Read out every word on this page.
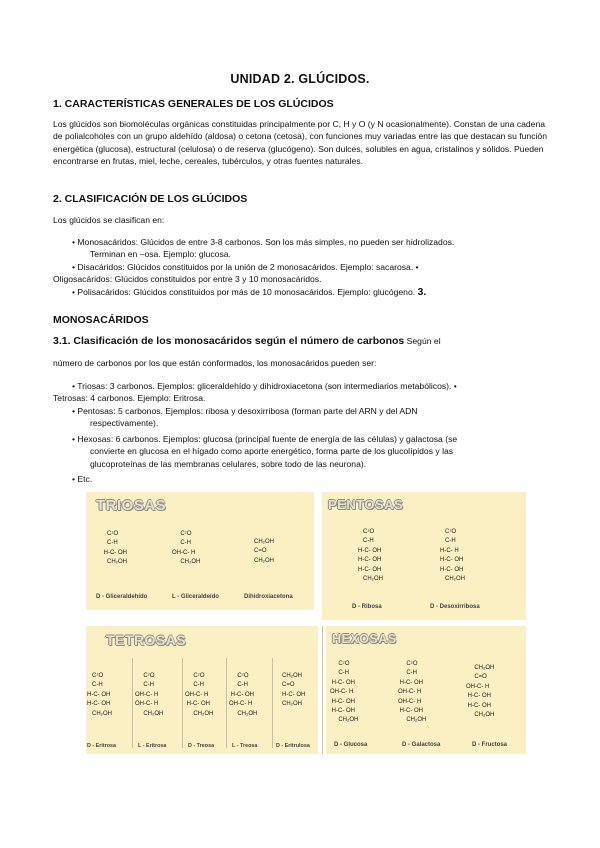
UNIDAD 2. GLÚCIDOS.
1. CARACTERÍSTICAS GENERALES DE LOS GLÚCIDOS
Los glúcidos son biomoléculas orgánicas constituidas principalmente por C, H y O (y N ocasionalmente). Constan de una cadena de polialcoholes con un grupo aldehído (aldosa) o cetona (cetosa), con funciones muy variadas entre las que destacan su función energética (glucosa), estructural (celulosa) o de reserva (glucógeno). Son dulces, solubles en agua, cristalinos y sólidos. Pueden encontrarse en frutas, miel, leche, cereales, tubérculos, y otras fuentes naturales.
2. CLASIFICACIÓN DE LOS GLÚCIDOS
Los glúcidos se clasifican en:
• Monosacáridos: Glúcidos de entre 3-8 carbonos. Son los más simples, no pueden ser hidrolizados.
Terminan en –osa. Ejemplo: glucosa.
• Disacáridos: Glúcidos constituidos por la unión de 2 monosacáridos. Ejemplo: sacarosa. •
Oligosacáridos: Glúcidos constituidos por entre 3 y 10 monosacáridos.
• Polisacáridos: Glúcidos constituidos por más de 10 monosacáridos. Ejemplo: glucógeno. 3.
MONOSACÁRIDOS
3.1. Clasificación de los monosacáridos según el número de carbonos Según el
número de carbonos por los que están conformados, los monosacáridos pueden ser:
• Triosas: 3 carbonos. Ejemplos: gliceraldehído y dihidroxiacetona (son intermediarios metabólicos). •
Tetrosas: 4 carbonos. Ejemplo: Eritrosa.
• Pentosas: 5 carbonos. Ejemplos: ribosa y desoxirribosa (forman parte del ARN y del ADN
respectivamente).
• Hexosas: 6 carbonos. Ejemplos: glucosa (principal fuente de energía de las células) y galactosa (se
convierte en glucosa en el hígado como aporte energético, forma parte de los glucolípidos y las
glucoproteínas de las membranas celulares, sobre todo de las neurona).
• Etc.
TRIOSAS
C⁲O
C-H
H-C- OH
CH₂OH
C⁲O
C-H
OH-C- H
CH₂OH
CH₂OH
C=O
CH₂OH
D - Gliceraldehído	L - Gliceraldeído	Dihidroxiacetona
PENTOSAS
C⁲O
C-H
H-C- OH
H-C- OH
H-C- OH
CH₂OH
C⁲O
C-H
H-C- H
H-C- OH
H-C- OH
CH₂OH
D - Ribosa	D - Desoxirribosa
TETROSAS
C⁲O
C-H
H-C- OH
H-C- OH
CH₂OH
C⁲O
C-H
OH-C- H
OH-C- H
CH₂OH
C⁲O
C-H
OH-C- H
H-C- OH
CH₂OH
C⁲O
C-H
H-C- OH
OH-C- H
CH₂OH
CH₂OH
C=O
H-C- OH
CH₂OH
D - Eritrosa	L - Eritrosa	D - Treosa	L - Treosa	D - Eritrulosa
HEXOSAS
C⁲O
C-H
H-C- OH
OH-C- H
H-C- OH
H-C- OH
CH₂OH
C⁲O
C-H
H-C- OH
OH-C- H
OH-C- H
H-C- OH
CH₂OH
CH₂OH
C=O
OH-C- H
H-C- OH
H-C- OH
CH₂OH
D - Glucosa	D - Galactosa	D - Fructosa
